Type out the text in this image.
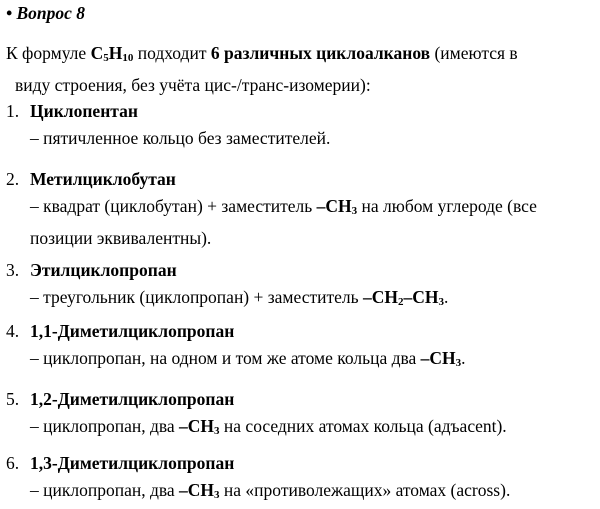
• Вопрос 8
К формуле $C_5H_{10}$ подходит 6 различных циклоалканов (имеются в
виду строения, без учёта цис-/транс-изомерии):
1. Циклопентан
– пятичленное кольцо без заместителей.
2. Метилциклобутан
– квадрат (циклобутан) + заместитель $-CH_3$ на любом углероде (все
позиции эквивалентны).
3. Этилциклопропан
– треугольник (циклопропан) + заместитель $-CH_2-CH_3$.
4. 1,1-Диметилциклопропан
– циклопропан, на одном и том же атоме кольца два $-CH_3$.
5. 1,2-Диметилциклопропан
– циклопропан, два $-CH_3$ на соседних атомах кольца (адъacent).
6. 1,3-Диметилциклопропан
– циклопропан, два $-CH_3$ на «противолежащих» атомах (across).
